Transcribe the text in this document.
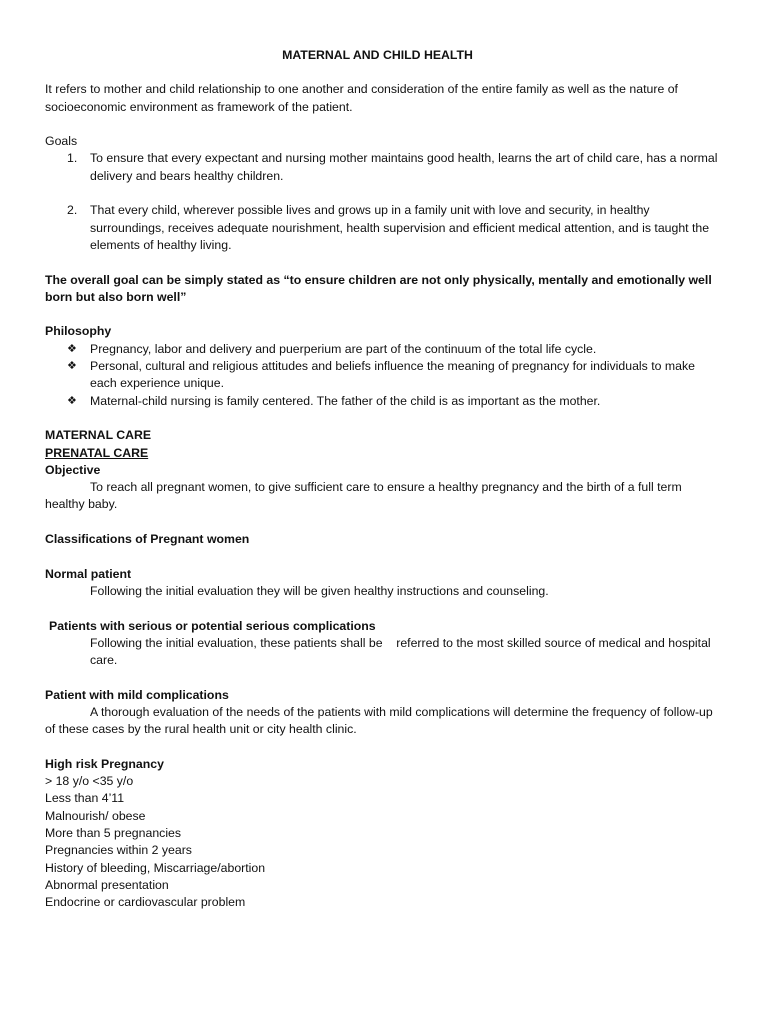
MATERNAL AND CHILD HEALTH

It refers to mother and child relationship to one another and consideration of the entire family as well as the nature of socioeconomic environment as framework of the patient.

Goals

1. To ensure that every expectant and nursing mother maintains good health, learns the art of child care, has a normal delivery and bears healthy children.
2. That every child, wherever possible lives and grows up in a family unit with love and security, in healthy surroundings, receives adequate nourishment, health supervision and efficient medical attention, and is taught the elements of healthy living.

The overall goal can be simply stated as “to ensure children are not only physically, mentally and emotionally well born but also born well”

Philosophy

❖ Pregnancy, labor and delivery and puerperium are part of the continuum of the total life cycle.
❖ Personal, cultural and religious attitudes and beliefs influence the meaning of pregnancy for individuals to make each experience unique.
❖ Maternal-child nursing is family centered. The father of the child is as important as the mother.

MATERNAL CARE

PRENATAL CARE

Objective

To reach all pregnant women, to give sufficient care to ensure a healthy pregnancy and the birth of a full term healthy baby.

Classifications of Pregnant women

Normal patient

Following the initial evaluation they will be given healthy instructions and counseling.

Patients with serious or potential serious complications

Following the initial evaluation, these patients shall be    referred to the most skilled source of medical and hospital care.

Patient with mild complications

A thorough evaluation of the needs of the patients with mild complications will determine the frequency of follow-up of these cases by the rural health unit or city health clinic.

High risk Pregnancy

> 18 y/o <35 y/o

Less than 4’11

Malnourish/ obese

More than 5 pregnancies

Pregnancies within 2 years

History of bleeding, Miscarriage/abortion

Abnormal presentation

Endocrine or cardiovascular problem
